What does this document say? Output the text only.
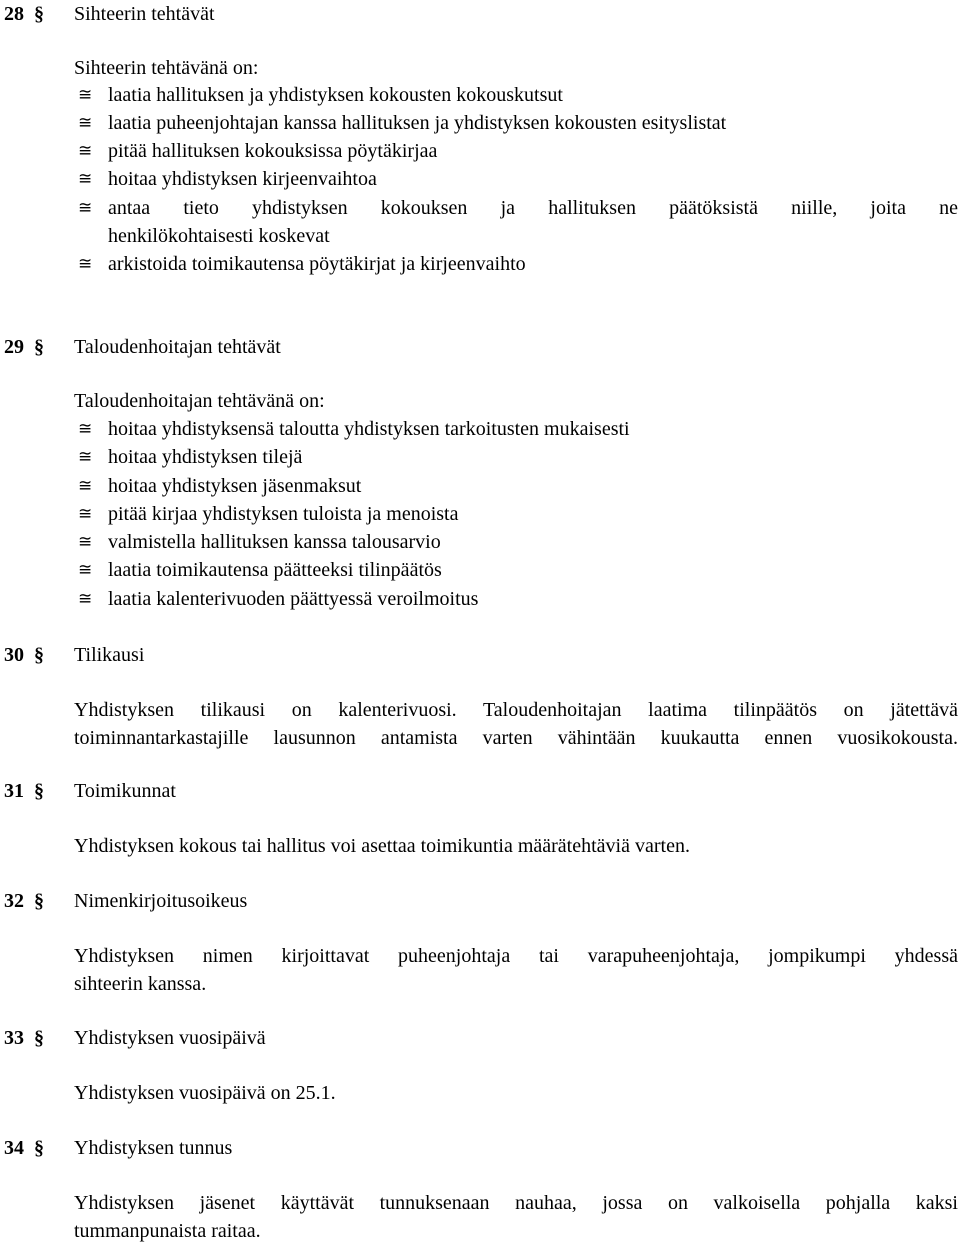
28 § Sihteerin tehtävät
Sihteerin tehtävänä on:
≅ laatia hallituksen ja yhdistyksen kokousten kokouskutsut
≅ laatia puheenjohtajan kanssa hallituksen ja yhdistyksen kokousten esityslistat
≅ pitää hallituksen kokouksissa pöytäkirjaa
≅ hoitaa yhdistyksen kirjeenvaihtoa
≅ antaa tieto yhdistyksen kokouksen ja hallituksen päätöksistä niille, joita ne
henkilökohtaisesti koskevat
≅ arkistoida toimikautensa pöytäkirjat ja kirjeenvaihto
29 § Taloudenhoitajan tehtävät
Taloudenhoitajan tehtävänä on:
≅ hoitaa yhdistyksensä taloutta yhdistyksen tarkoitusten mukaisesti
≅ hoitaa yhdistyksen tilejä
≅ hoitaa yhdistyksen jäsenmaksut
≅ pitää kirjaa yhdistyksen tuloista ja menoista
≅ valmistella hallituksen kanssa talousarvio
≅ laatia toimikautensa päätteeksi tilinpäätös
≅ laatia kalenterivuoden päättyessä veroilmoitus
30 § Tilikausi
Yhdistyksen tilikausi on kalenterivuosi. Taloudenhoitajan laatima tilinpäätös on jätettävä
toiminnantarkastajille lausunnon antamista varten vähintään kuukautta ennen vuosikokousta.
31 § Toimikunnat
Yhdistyksen kokous tai hallitus voi asettaa toimikuntia määrätehtäviä varten.
32 § Nimenkirjoitusoikeus
Yhdistyksen nimen kirjoittavat puheenjohtaja tai varapuheenjohtaja, jompikumpi yhdessä
sihteerin kanssa.
33 § Yhdistyksen vuosipäivä
Yhdistyksen vuosipäivä on 25.1.
34 § Yhdistyksen tunnus
Yhdistyksen jäsenet käyttävät tunnuksenaan nauhaa, jossa on valkoisella pohjalla kaksi
tummanpunaista raitaa.
